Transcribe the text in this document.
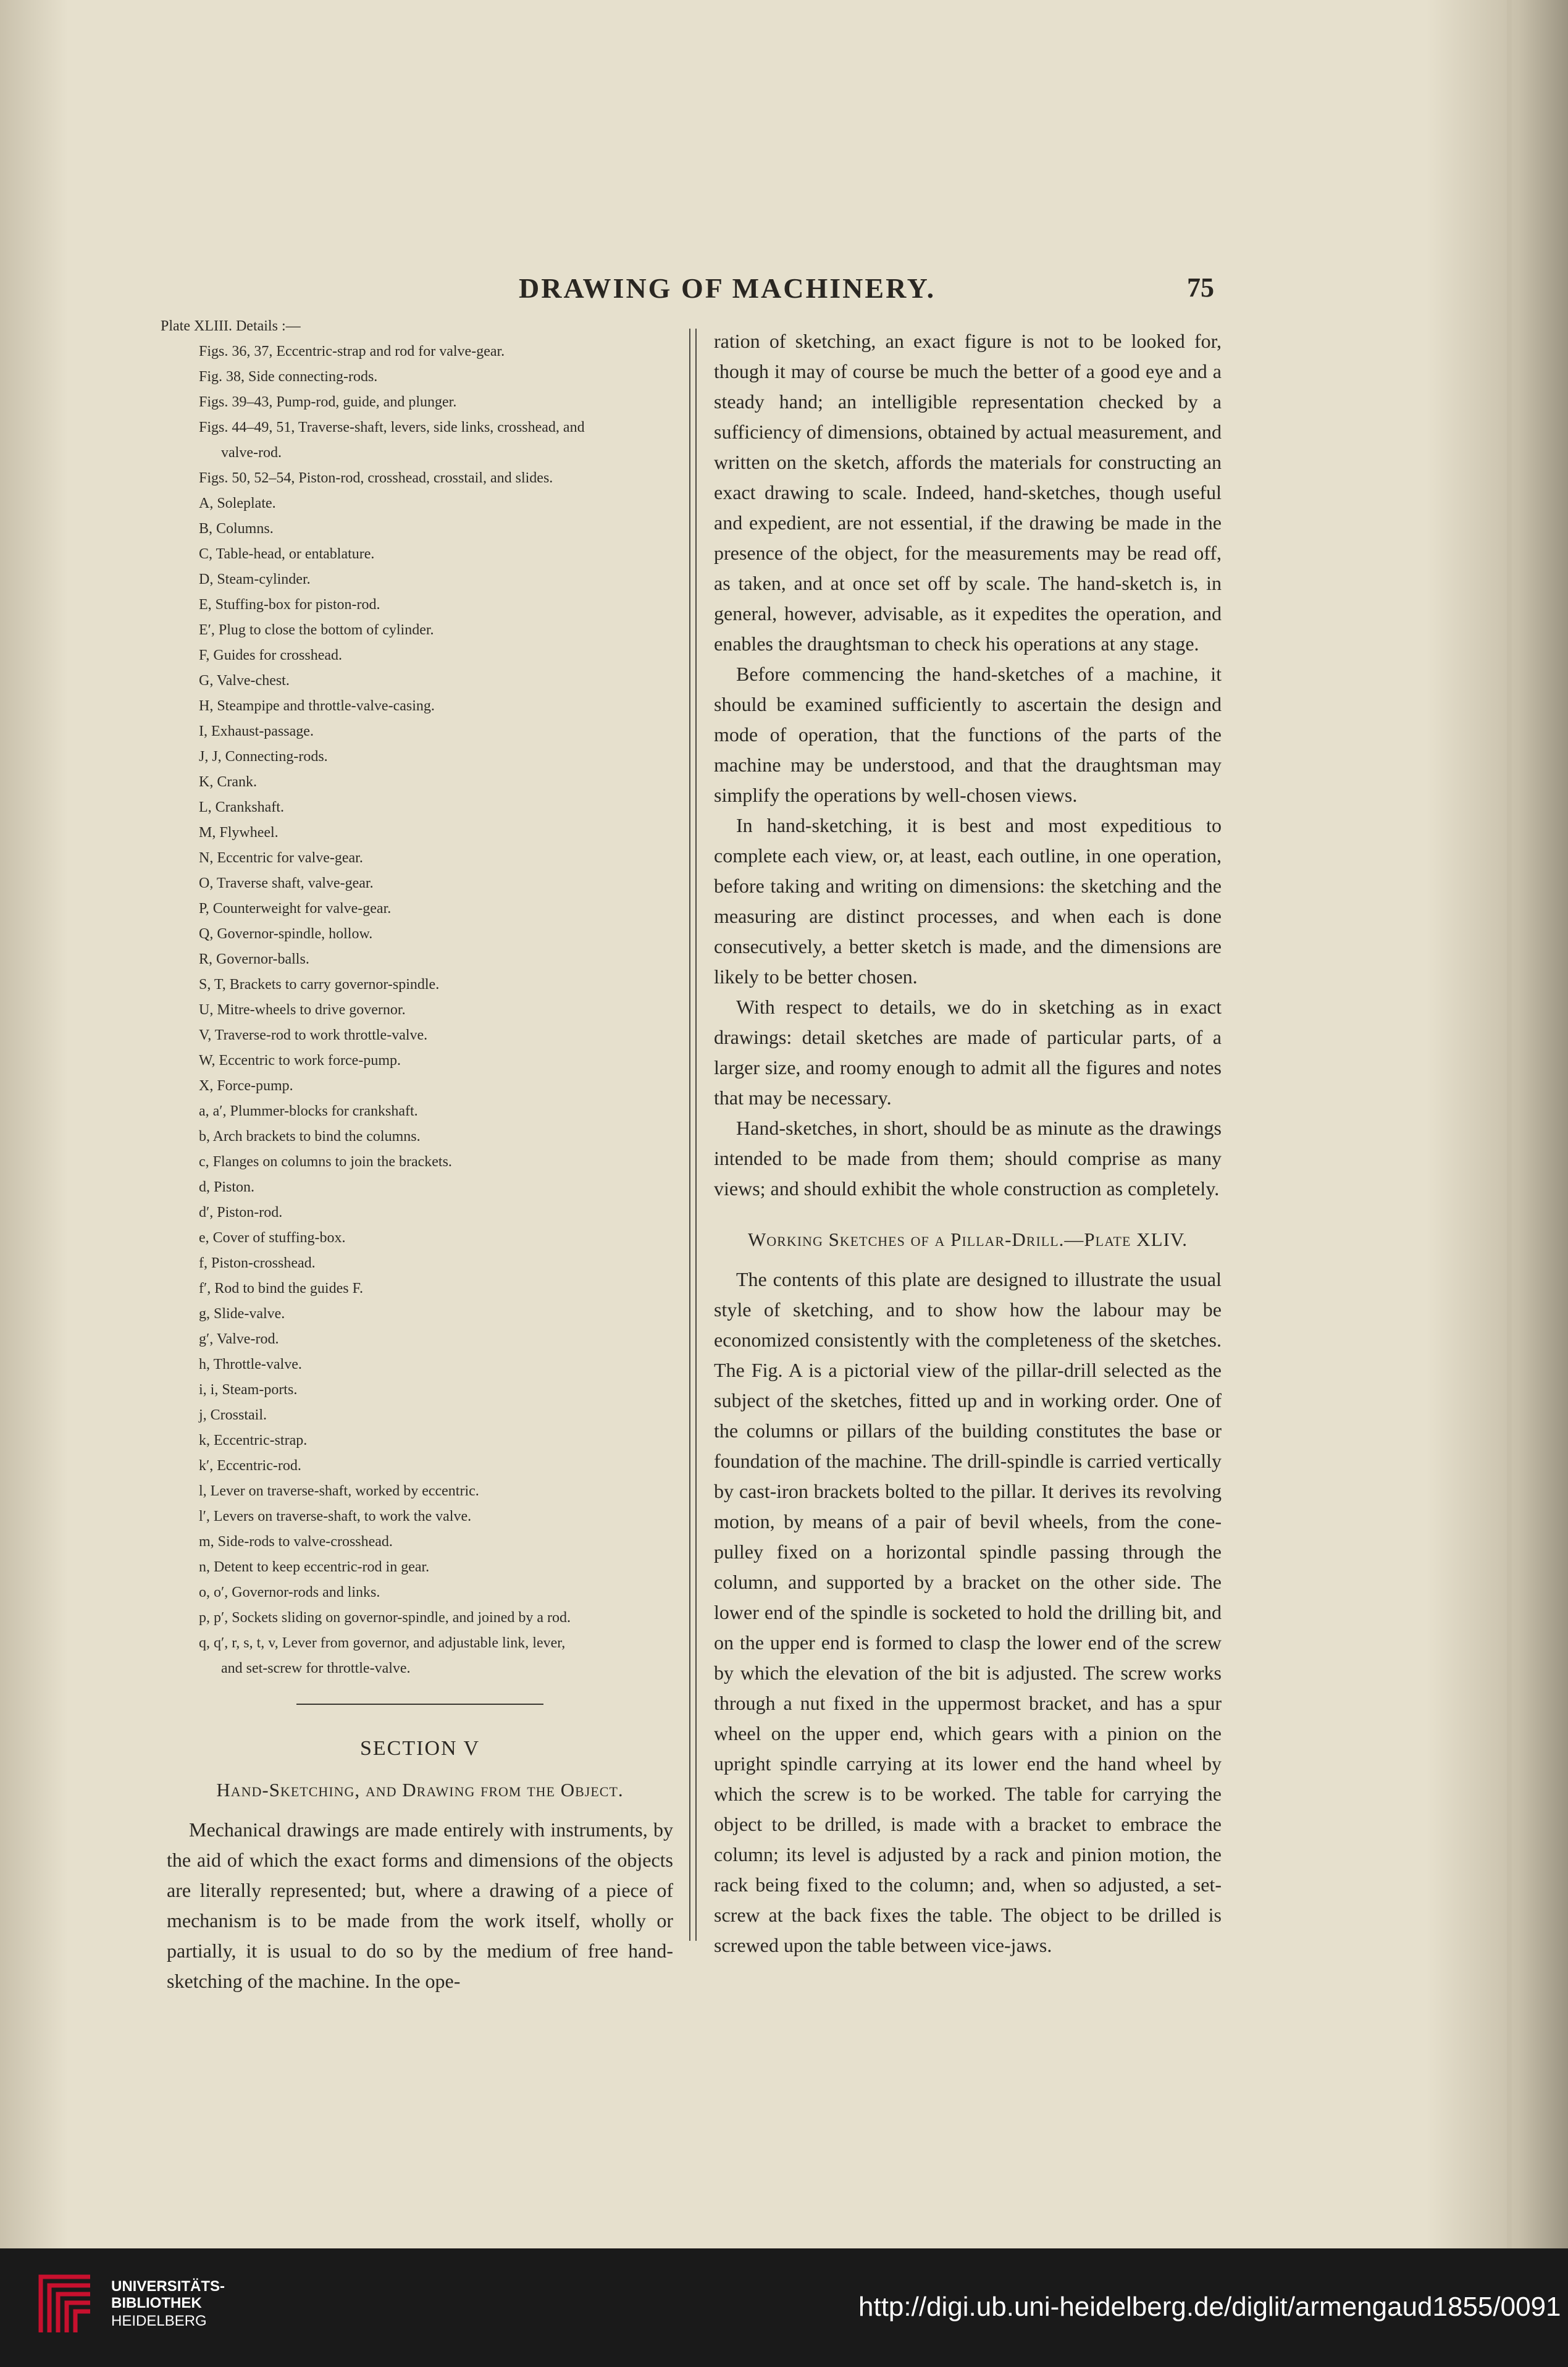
DRAWING OF MACHINERY.	75
Plate XLIII. Details :—
Figs. 36, 37, Eccentric-strap and rod for valve-gear.
Fig. 38, Side connecting-rods.
Figs. 39–43, Pump-rod, guide, and plunger.
Figs. 44–49, 51, Traverse-shaft, levers, side links, crosshead, and
valve-rod.
Figs. 50, 52–54, Piston-rod, crosshead, crosstail, and slides.
A, Soleplate.
B, Columns.
C, Table-head, or entablature.
D, Steam-cylinder.
E, Stuffing-box for piston-rod.
E′, Plug to close the bottom of cylinder.
F, Guides for crosshead.
G, Valve-chest.
H, Steampipe and throttle-valve-casing.
I, Exhaust-passage.
J, J, Connecting-rods.
K, Crank.
L, Crankshaft.
M, Flywheel.
N, Eccentric for valve-gear.
O, Traverse shaft, valve-gear.
P, Counterweight for valve-gear.
Q, Governor-spindle, hollow.
R, Governor-balls.
S, T, Brackets to carry governor-spindle.
U, Mitre-wheels to drive governor.
V, Traverse-rod to work throttle-valve.
W, Eccentric to work force-pump.
X, Force-pump.
a, a′, Plummer-blocks for crankshaft.
b, Arch brackets to bind the columns.
c, Flanges on columns to join the brackets.
d, Piston.
d′, Piston-rod.
e, Cover of stuffing-box.
f, Piston-crosshead.
f′, Rod to bind the guides F.
g, Slide-valve.
g′, Valve-rod.
h, Throttle-valve.
i, i, Steam-ports.
j, Crosstail.
k, Eccentric-strap.
k′, Eccentric-rod.
l, Lever on traverse-shaft, worked by eccentric.
l′, Levers on traverse-shaft, to work the valve.
m, Side-rods to valve-crosshead.
n, Detent to keep eccentric-rod in gear.
o, o′, Governor-rods and links.
p, p′, Sockets sliding on governor-spindle, and joined by a rod.
q, q′, r, s, t, v, Lever from governor, and adjustable link, lever,
and set-screw for throttle-valve.
SECTION V
Hand-Sketching, and Drawing from the Object.

Mechanical drawings are made entirely with instruments, by the aid of which the exact forms and dimensions of the objects are literally represented; but, where a drawing of a piece of mechanism is to be made from the work itself, wholly or partially, it is usual to do so by the medium of free hand-sketching of the machine. In the ope-

ration of sketching, an exact figure is not to be looked for, though it may of course be much the better of a good eye and a steady hand; an intelligible representation checked by a sufficiency of dimensions, obtained by actual measurement, and written on the sketch, affords the materials for constructing an exact drawing to scale. Indeed, hand-sketches, though useful and expedient, are not essential, if the drawing be made in the presence of the object, for the measurements may be read off, as taken, and at once set off by scale. The hand-sketch is, in general, however, advisable, as it expedites the operation, and enables the draughtsman to check his operations at any stage.

Before commencing the hand-sketches of a machine, it should be examined sufficiently to ascertain the design and mode of operation, that the functions of the parts of the machine may be understood, and that the draughtsman may simplify the operations by well-chosen views.

In hand-sketching, it is best and most expeditious to complete each view, or, at least, each outline, in one operation, before taking and writing on dimensions: the sketching and the measuring are distinct processes, and when each is done consecutively, a better sketch is made, and the dimensions are likely to be better chosen.

With respect to details, we do in sketching as in exact drawings: detail sketches are made of particular parts, of a larger size, and roomy enough to admit all the figures and notes that may be necessary.

Hand-sketches, in short, should be as minute as the drawings intended to be made from them; should comprise as many views; and should exhibit the whole construction as completely.

Working Sketches of a Pillar-Drill.—Plate XLIV.

The contents of this plate are designed to illustrate the usual style of sketching, and to show how the labour may be economized consistently with the completeness of the sketches. The Fig. A is a pictorial view of the pillar-drill selected as the subject of the sketches, fitted up and in working order. One of the columns or pillars of the building constitutes the base or foundation of the machine. The drill-spindle is carried vertically by cast-iron brackets bolted to the pillar. It derives its revolving motion, by means of a pair of bevil wheels, from the cone-pulley fixed on a horizontal spindle passing through the column, and supported by a bracket on the other side. The lower end of the spindle is socketed to hold the drilling bit, and on the upper end is formed to clasp the lower end of the screw by which the elevation of the bit is adjusted. The screw works through a nut fixed in the uppermost bracket, and has a spur wheel on the upper end, which gears with a pinion on the upright spindle carrying at its lower end the hand wheel by which the screw is to be worked. The table for carrying the object to be drilled, is made with a bracket to embrace the column; its level is adjusted by a rack and pinion motion, the rack being fixed to the column; and, when so adjusted, a set-screw at the back fixes the table. The object to be drilled is screwed upon the table between vice-jaws.

UNIVERSITÄTS-
BIBLIOTHEK
HEIDELBERG	http://digi.ub.uni-heidelberg.de/diglit/armengaud1855/0091
